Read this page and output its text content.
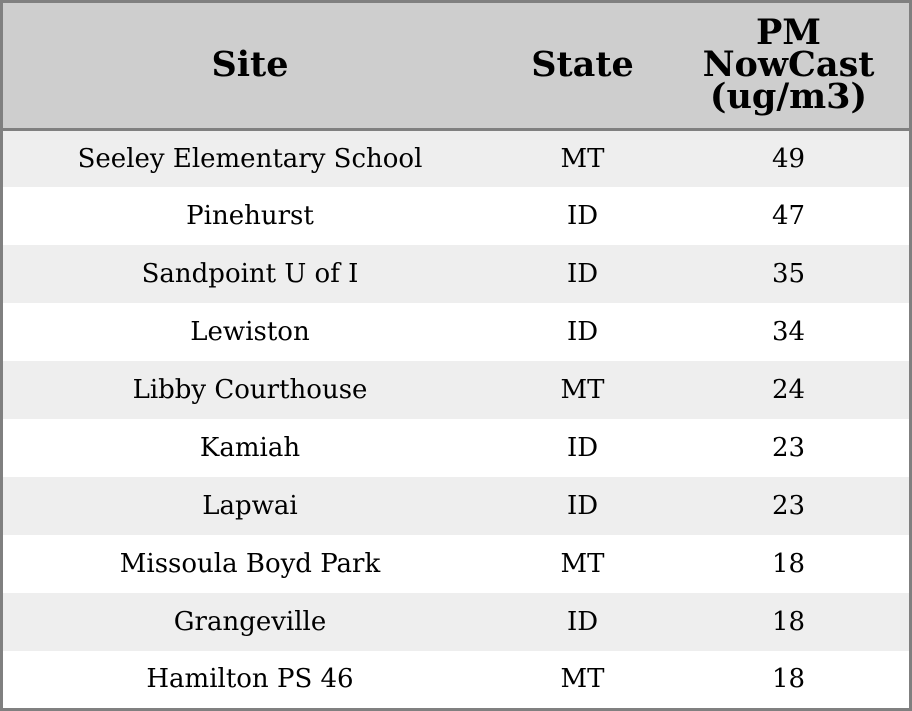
Site	State	PM
NowCast
(ug/m3)

Seeley Elementary School	MT	49
Pinehurst	ID	47
Sandpoint U of I	ID	35
Lewiston	ID	34
Libby Courthouse	MT	24
Kamiah	ID	23
Lapwai	ID	23
Missoula Boyd Park	MT	18
Grangeville	ID	18
Hamilton PS 46	MT	18
